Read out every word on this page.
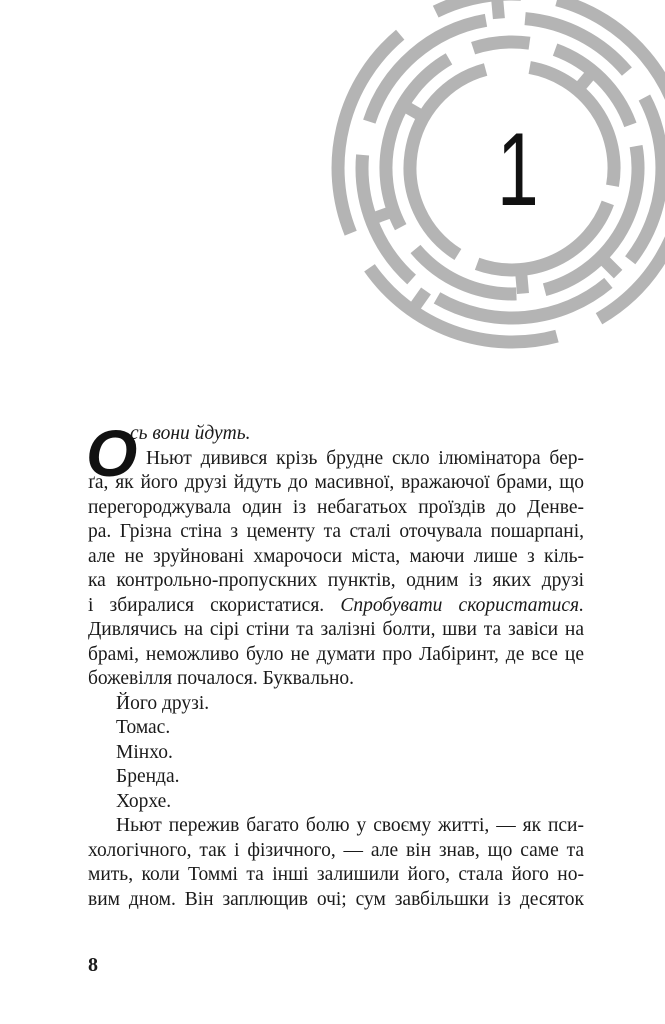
1
О
сь вони йдуть.
Ньют дивився крізь брудне скло ілюмінатора бер-
ґа, як його друзі йдуть до масивної, вражаючої брами, що
перегороджувала один із небагатьох проїздів до Денве-
ра. Грізна стіна з цементу та сталі оточувала пошарпані,
але не зруйновані хмарочоси міста, маючи лише з кіль-
ка контрольно-пропускних пунктів, одним із яких друзі
і збиралися скористатися. Спробувати скористатися.
Дивлячись на сірі стіни та залізні болти, шви та завіси на
брамі, неможливо було не думати про Лабіринт, де все це
божевілля почалося. Буквально.
Його друзі.
Томас.
Мінхо.
Бренда.
Хорхе.
Ньют пережив багато болю у своєму житті, — як пси-
хологічного, так і фізичного, — але він знав, що саме та
мить, коли Томмі та інші залишили його, стала його но-
вим дном. Він заплющив очі; сум завбільшки із десяток
8
